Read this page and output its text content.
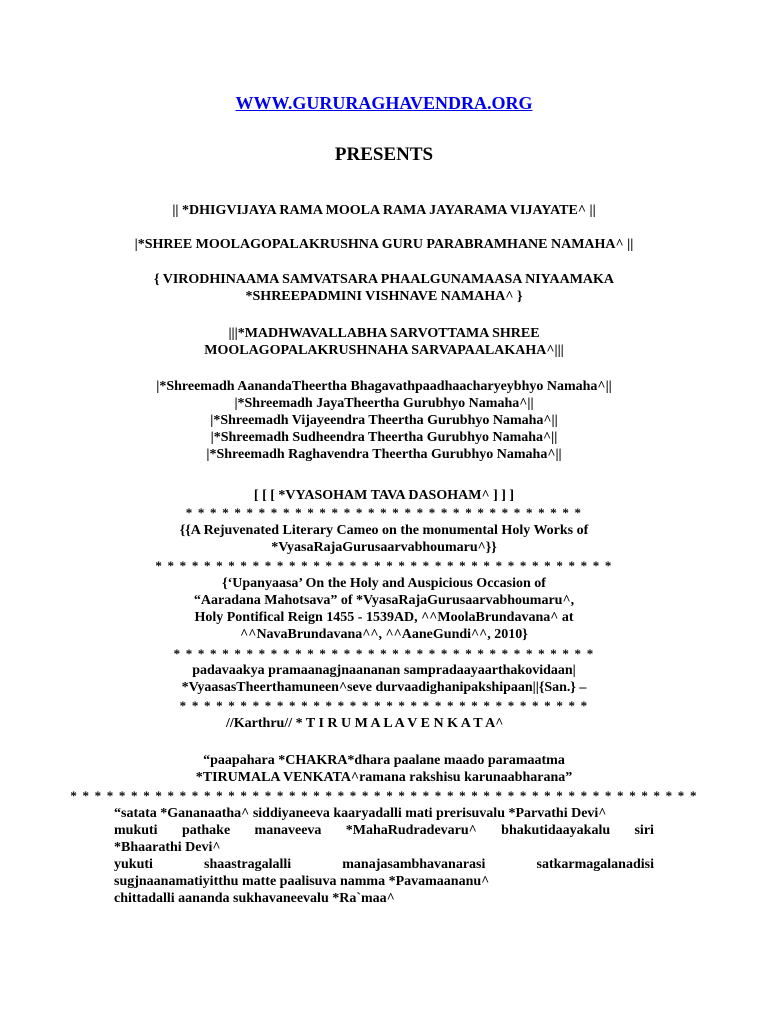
WWW.GURURAGHAVENDRA.ORG
PRESENTS
|| *DHIGVIJAYA RAMA MOOLA RAMA JAYARAMA VIJAYATE^ ||
|*SHREE MOOLAGOPALAKRUSHNA GURU PARABRAMHANE NAMAHA^ ||
{ VIRODHINAAMA SAMVATSARA PHAALGUNAMAASA NIYAAMAKA
*SHREEPADMINI VISHNAVE NAMAHA^ }
|||*MADHWAVALLABHA SARVOTTAMA SHREE
MOOLAGOPALAKRUSHNAHA SARVAPAALAKAHA^|||
|*Shreemadh AanandaTheertha Bhagavathpaadhaacharyeybhyo Namaha^||
|*Shreemadh JayaTheertha Gurubhyo Namaha^||
|*Shreemadh Vijayeendra Theertha Gurubhyo Namaha^||
|*Shreemadh Sudheendra Theertha Gurubhyo Namaha^||
|*Shreemadh Raghavendra Theertha Gurubhyo Namaha^||
[ [ [ *VYASOHAM TAVA DASOHAM^ ] ] ]
* * * * * * * * * * * * * * * * * * * * * * * * * * * * * * * * *
{{A Rejuvenated Literary Cameo on the monumental Holy Works of
*VyasaRajaGurusaarvabhoumaru^}}
* * * * * * * * * * * * * * * * * * * * * * * * * * * * * * * * * * * * * *
{‘Upanyaasa’ On the Holy and Auspicious Occasion of
“Aaradana Mahotsava” of *VyasaRajaGurusaarvabhoumaru^,
Holy Pontifical Reign 1455 - 1539AD, ^^MoolaBrundavana^ at
^^NavaBrundavana^^, ^^AaneGundi^^, 2010}
* * * * * * * * * * * * * * * * * * * * * * * * * * * * * * * * * * *
padavaakya pramaanagjnaananan sampradaayaarthakovidaan|
*VyaasasTheerthamuneen^seve durvaadighanipakshipaan||{San.} –
* * * * * * * * * * * * * * * * * * * * * * * * * * * * * * * * * *
//Karthru// * T I R U M A L A V E N K A T A^
“paapahara *CHAKRA*dhara paalane maado paramaatma
*TIRUMALA VENKATA^ramana rakshisu karunaabharana”
* * * * * * * * * * * * * * * * * * * * * * * * * * * * * * * * * * * * * * * * * * * * * * * * * * * *
“satata *Gananaatha^ siddiyaneeva kaaryadalli mati prerisuvalu *Parvathi Devi^
mukuti pathake manaveeva *MahaRudradevaru^ bhakutidaayakalu siri
*Bhaarathi Devi^
yukuti	shaastragalalli	manajasambhavanarasi	satkarmagalanadisi
sugjnaanamatiyitthu matte paalisuva namma *Pavamaananu^
chittadalli aananda sukhavaneevalu *Ra`maa^
